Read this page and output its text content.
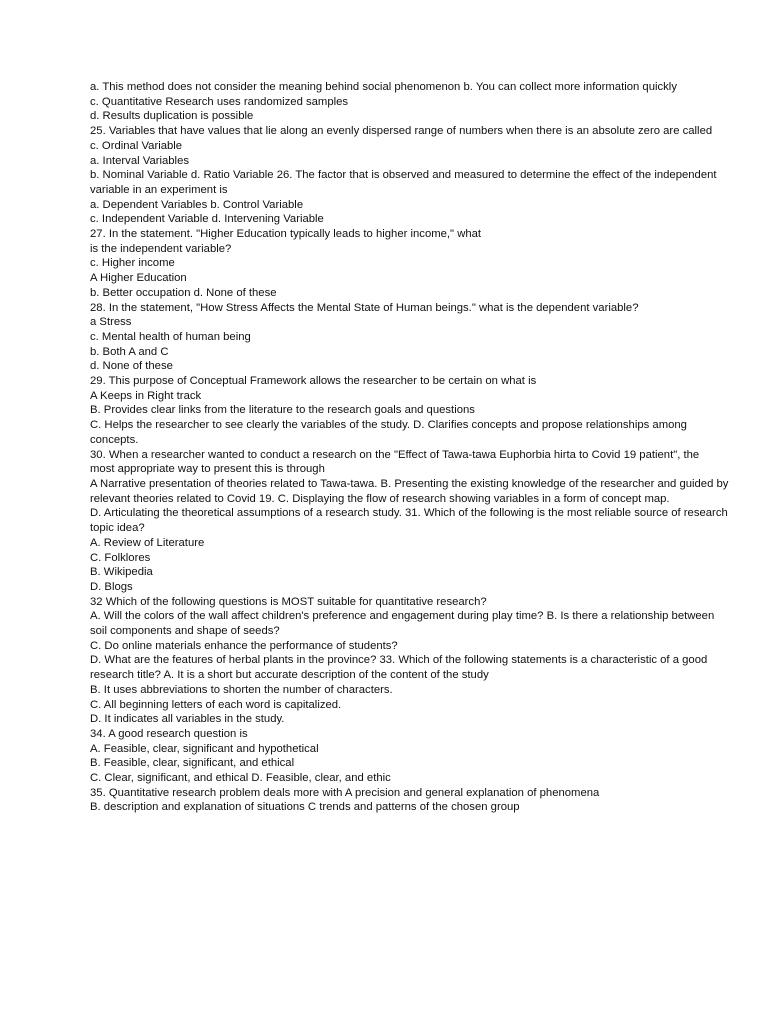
a. This method does not consider the meaning behind social phenomenon b. You can collect more information quickly

c. Quantitative Research uses randomized samples

d. Results duplication is possible

25. Variables that have values that lie along an evenly dispersed range of numbers when there is an absolute zero are called

c. Ordinal Variable

a. Interval Variables

b. Nominal Variable d. Ratio Variable 26. The factor that is observed and measured to determine the effect of the independent variable in an experiment is

a. Dependent Variables b. Control Variable

c. Independent Variable d. Intervening Variable

27. In the statement. "Higher Education typically leads to higher income," what

is the independent variable?

c. Higher income

A Higher Education

b. Better occupation d. None of these

28. In the statement, "How Stress Affects the Mental State of Human beings." what is the dependent variable?

a Stress

c. Mental health of human being

b. Both A and C

d. None of these

29. This purpose of Conceptual Framework allows the researcher to be certain on what is

A Keeps in Right track

B. Provides clear links from the literature to the research goals and questions

C. Helps the researcher to see clearly the variables of the study. D. Clarifies concepts and propose relationships among concepts.

30. When a researcher wanted to conduct a research on the "Effect of Tawa-tawa Euphorbia hirta to Covid 19 patient", the

most appropriate way to present this is through

A Narrative presentation of theories related to Tawa-tawa. B. Presenting the existing knowledge of the researcher and guided by relevant theories related to Covid 19. C. Displaying the flow of research showing variables in a form of concept map.

D. Articulating the theoretical assumptions of a research study. 31. Which of the following is the most reliable source of research topic idea?

A. Review of Literature

C. Folklores

B. Wikipedia

D. Blogs

32 Which of the following questions is MOST suitable for quantitative research?

A. Will the colors of the wall affect children's preference and engagement during play time? B. Is there a relationship between soil components and shape of seeds?

C. Do online materials enhance the performance of students?

D. What are the features of herbal plants in the province? 33. Which of the following statements is a characteristic of a good research title? A. It is a short but accurate description of the content of the study

B. It uses abbreviations to shorten the number of characters.

C. All beginning letters of each word is capitalized.

D. It indicates all variables in the study.

34. A good research question is

A. Feasible, clear, significant and hypothetical

B. Feasible, clear, significant, and ethical

C. Clear, significant, and ethical D. Feasible, clear, and ethic

35. Quantitative research problem deals more with A precision and general explanation of phenomena

B. description and explanation of situations C trends and patterns of the chosen group
